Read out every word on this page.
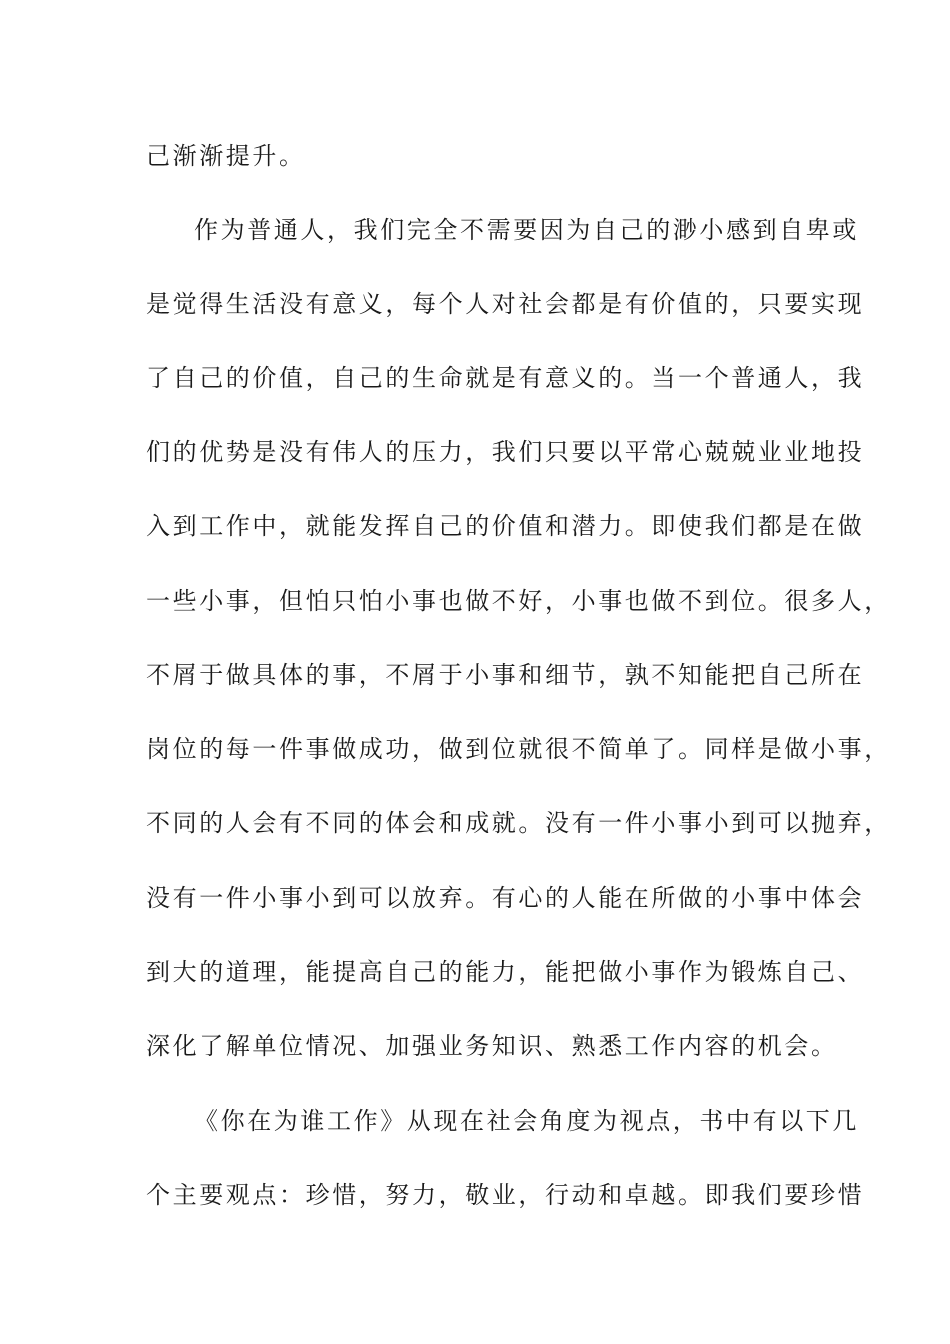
己渐渐提升。
作为普通人，我们完全不需要因为自己的渺小感到自卑或
是觉得生活没有意义，每个人对社会都是有价值的，只要实现
了自己的价值，自己的生命就是有意义的。当一个普通人，我
们的优势是没有伟人的压力，我们只要以平常心兢兢业业地投
入到工作中，就能发挥自己的价值和潜力。即使我们都是在做
一些小事，但怕只怕小事也做不好，小事也做不到位。很多人，
不屑于做具体的事，不屑于小事和细节，孰不知能把自己所在
岗位的每一件事做成功，做到位就很不简单了。同样是做小事，
不同的人会有不同的体会和成就。没有一件小事小到可以抛弃，
没有一件小事小到可以放弃。有心的人能在所做的小事中体会
到大的道理，能提高自己的能力，能把做小事作为锻炼自己、
深化了解单位情况、加强业务知识、熟悉工作内容的机会。
《你在为谁工作》从现在社会角度为视点，书中有以下几
个主要观点：珍惜，努力，敬业，行动和卓越。即我们要珍惜
